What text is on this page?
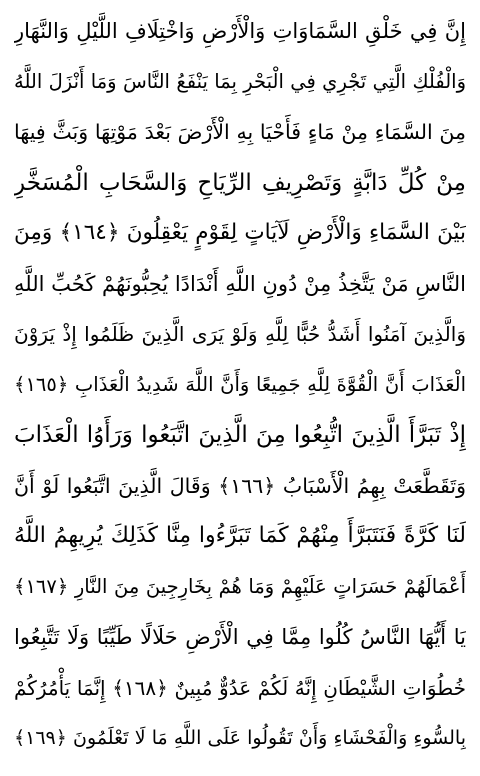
إِنَّ فِي خَلْقِ السَّمَاوَاتِ وَالْأَرْضِ وَاخْتِلَافِ اللَّيْلِ وَالنَّهَارِ
وَالْفُلْكِ الَّتِي تَجْرِي فِي الْبَحْرِ بِمَا يَنْفَعُ النَّاسَ وَمَا أَنْزَلَ اللَّهُ
مِنَ السَّمَاءِ مِنْ مَاءٍ فَأَحْيَا بِهِ الْأَرْضَ بَعْدَ مَوْتِهَا وَبَثَّ فِيهَا
مِنْ كُلِّ دَابَّةٍ وَتَصْرِيفِ الرِّيَاحِ وَالسَّحَابِ الْمُسَخَّرِ
بَيْنَ السَّمَاءِ وَالْأَرْضِ لَآيَاتٍ لِقَوْمٍ يَعْقِلُونَ ﴿١٦٤﴾ وَمِنَ
النَّاسِ مَنْ يَتَّخِذُ مِنْ دُونِ اللَّهِ أَنْدَادًا يُحِبُّونَهُمْ كَحُبِّ اللَّهِ
وَالَّذِينَ آمَنُوا أَشَدُّ حُبًّا لِلَّهِ وَلَوْ يَرَى الَّذِينَ ظَلَمُوا إِذْ يَرَوْنَ
الْعَذَابَ أَنَّ الْقُوَّةَ لِلَّهِ جَمِيعًا وَأَنَّ اللَّهَ شَدِيدُ الْعَذَابِ ﴿١٦٥﴾
إِذْ تَبَرَّأَ الَّذِينَ اتُّبِعُوا مِنَ الَّذِينَ اتَّبَعُوا وَرَأَوُا الْعَذَابَ
وَتَقَطَّعَتْ بِهِمُ الْأَسْبَابُ ﴿١٦٦﴾ وَقَالَ الَّذِينَ اتَّبَعُوا لَوْ أَنَّ
لَنَا كَرَّةً فَنَتَبَرَّأَ مِنْهُمْ كَمَا تَبَرَّءُوا مِنَّا كَذَلِكَ يُرِيهِمُ اللَّهُ
أَعْمَالَهُمْ حَسَرَاتٍ عَلَيْهِمْ وَمَا هُمْ بِخَارِجِينَ مِنَ النَّارِ ﴿١٦٧﴾
يَا أَيُّهَا النَّاسُ كُلُوا مِمَّا فِي الْأَرْضِ حَلَالًا طَيِّبًا وَلَا تَتَّبِعُوا
خُطُوَاتِ الشَّيْطَانِ إِنَّهُ لَكُمْ عَدُوٌّ مُبِينٌ ﴿١٦٨﴾ إِنَّمَا يَأْمُرُكُمْ
بِالسُّوءِ وَالْفَحْشَاءِ وَأَنْ تَقُولُوا عَلَى اللَّهِ مَا لَا تَعْلَمُونَ ﴿١٦٩﴾
